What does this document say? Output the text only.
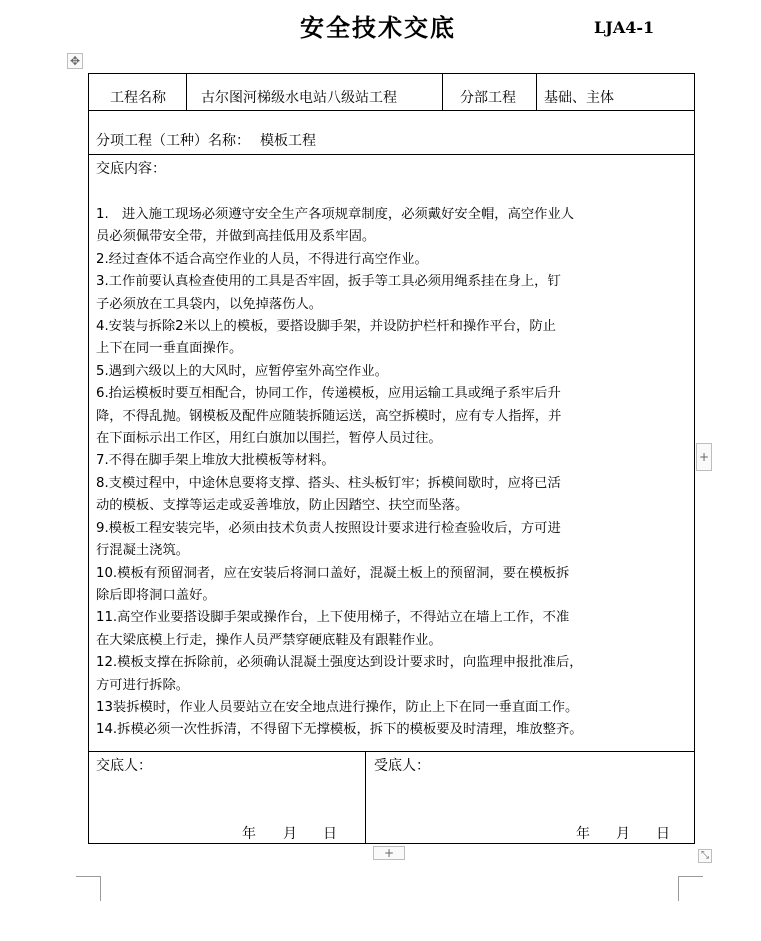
安全技术交底	LJA4-1
✥
工程名称	古尔图河梯级水电站八级站工程	分部工程 基础、主体
分项工程（工种）名称： 模板工程
交底内容：
1.　进入施工现场必须遵守安全生产各项规章制度，必须戴好安全帽，高空作业人
员必须佩带安全带，并做到高挂低用及系牢固。
2.经过查体不适合高空作业的人员，不得进行高空作业。
3.工作前要认真检查使用的工具是否牢固，扳手等工具必须用绳系挂在身上，钉
子必须放在工具袋内，以免掉落伤人。
4.安装与拆除2米以上的模板，要搭设脚手架，并设防护栏杆和操作平台，防止
上下在同一垂直面操作。
5.遇到六级以上的大风时，应暂停室外高空作业。
6.抬运模板时要互相配合，协同工作，传递模板，应用运输工具或绳子系牢后升
降，不得乱抛。钢模板及配件应随装拆随运送，高空拆模时，应有专人指挥，并
在下面标示出工作区，用红白旗加以围拦，暂停人员过往。
7.不得在脚手架上堆放大批模板等材料。
8.支模过程中，中途休息要将支撑、搭头、柱头板钉牢；拆模间歇时，应将已活
动的模板、支撑等运走或妥善堆放，防止因踏空、扶空而坠落。
9.模板工程安装完毕，必须由技术负责人按照设计要求进行检查验收后，方可进
行混凝土浇筑。
10.模板有预留洞者，应在安装后将洞口盖好，混凝土板上的预留洞，要在模板拆
除后即将洞口盖好。
11.高空作业要搭设脚手架或操作台，上下使用梯子，不得站立在墙上工作，不准
在大梁底模上行走，操作人员严禁穿硬底鞋及有跟鞋作业。
12.模板支撑在拆除前，必须确认混凝土强度达到设计要求时，向监理申报批准后，
方可进行拆除。
13装拆模时，作业人员要站立在安全地点进行操作，防止上下在同一垂直面工作。
14.拆模必须一次性拆清，不得留下无撑模板，拆下的模板要及时清理，堆放整齐。
交底人：	受底人：
年 月 日	年 月 日
+
+	⤡
